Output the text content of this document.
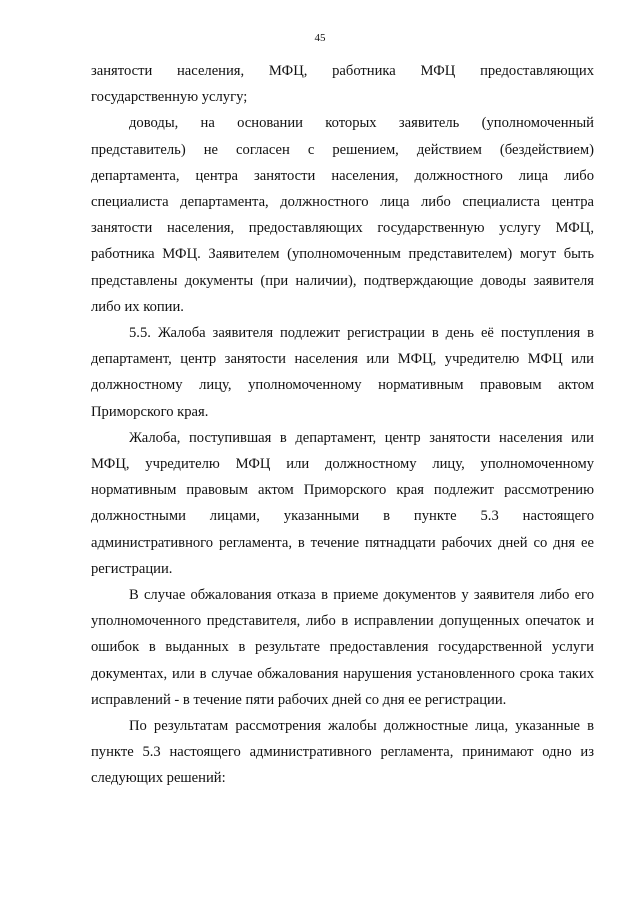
45

занятости населения, МФЦ, работника МФЦ предоставляющих государственную услугу;

доводы, на основании которых заявитель (уполномоченный представитель) не согласен с решением, действием (бездействием) департамента, центра занятости населения, должностного лица либо специалиста департамента, должностного лица либо специалиста центра занятости населения, предоставляющих государственную услугу МФЦ, работника МФЦ. Заявителем (уполномоченным представителем) могут быть представлены документы (при наличии), подтверждающие доводы заявителя либо их копии.

5.5. Жалоба заявителя подлежит регистрации в день её поступления в департамент, центр занятости населения или МФЦ, учредителю МФЦ или должностному лицу, уполномоченному нормативным правовым актом Приморского края.

Жалоба, поступившая в департамент, центр занятости населения или МФЦ, учредителю МФЦ или должностному лицу, уполномоченному нормативным правовым актом Приморского края подлежит рассмотрению должностными лицами, указанными в пункте 5.3 настоящего административного регламента, в течение пятнадцати рабочих дней со дня ее регистрации.

В случае обжалования отказа в приеме документов у заявителя либо его уполномоченного представителя, либо в исправлении допущенных опечаток и ошибок в выданных в результате предоставления государственной услуги документах, или в случае обжалования нарушения установленного срока таких исправлений - в течение пяти рабочих дней со дня ее регистрации.

По результатам рассмотрения жалобы должностные лица, указанные в пункте 5.3 настоящего административного регламента, принимают одно из следующих решений:
